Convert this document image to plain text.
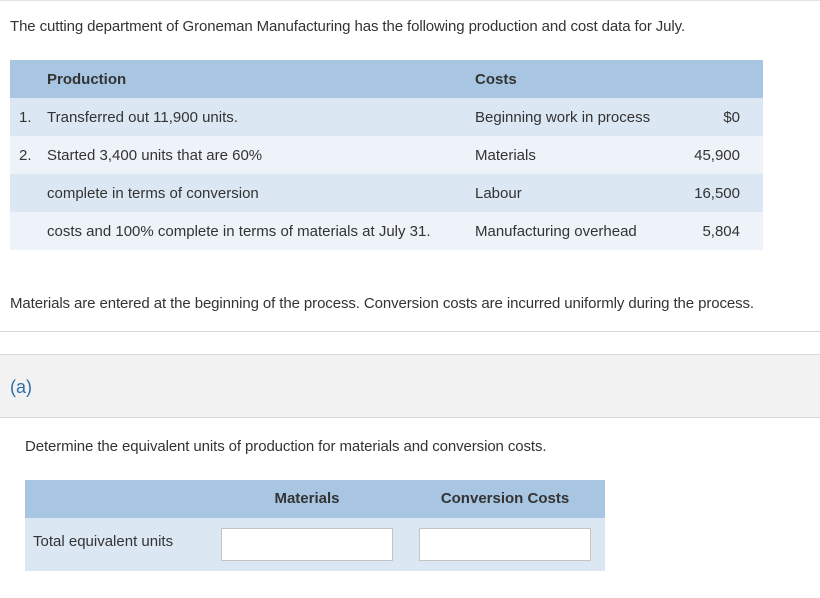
The cutting department of Groneman Manufacturing has the following production and cost data for July.
	Production	Costs	
1.	Transferred out 11,900 units.	Beginning work in process	$0
2.	Started 3,400 units that are 60%	Materials	45,900
	complete in terms of conversion	Labour	16,500
	costs and 100% complete in terms of materials at July 31.	Manufacturing overhead	5,804
Materials are entered at the beginning of the process. Conversion costs are incurred uniformly during the process.
(a)
Determine the equivalent units of production for materials and conversion costs.
Materials	Conversion Costs
Total equivalent units
